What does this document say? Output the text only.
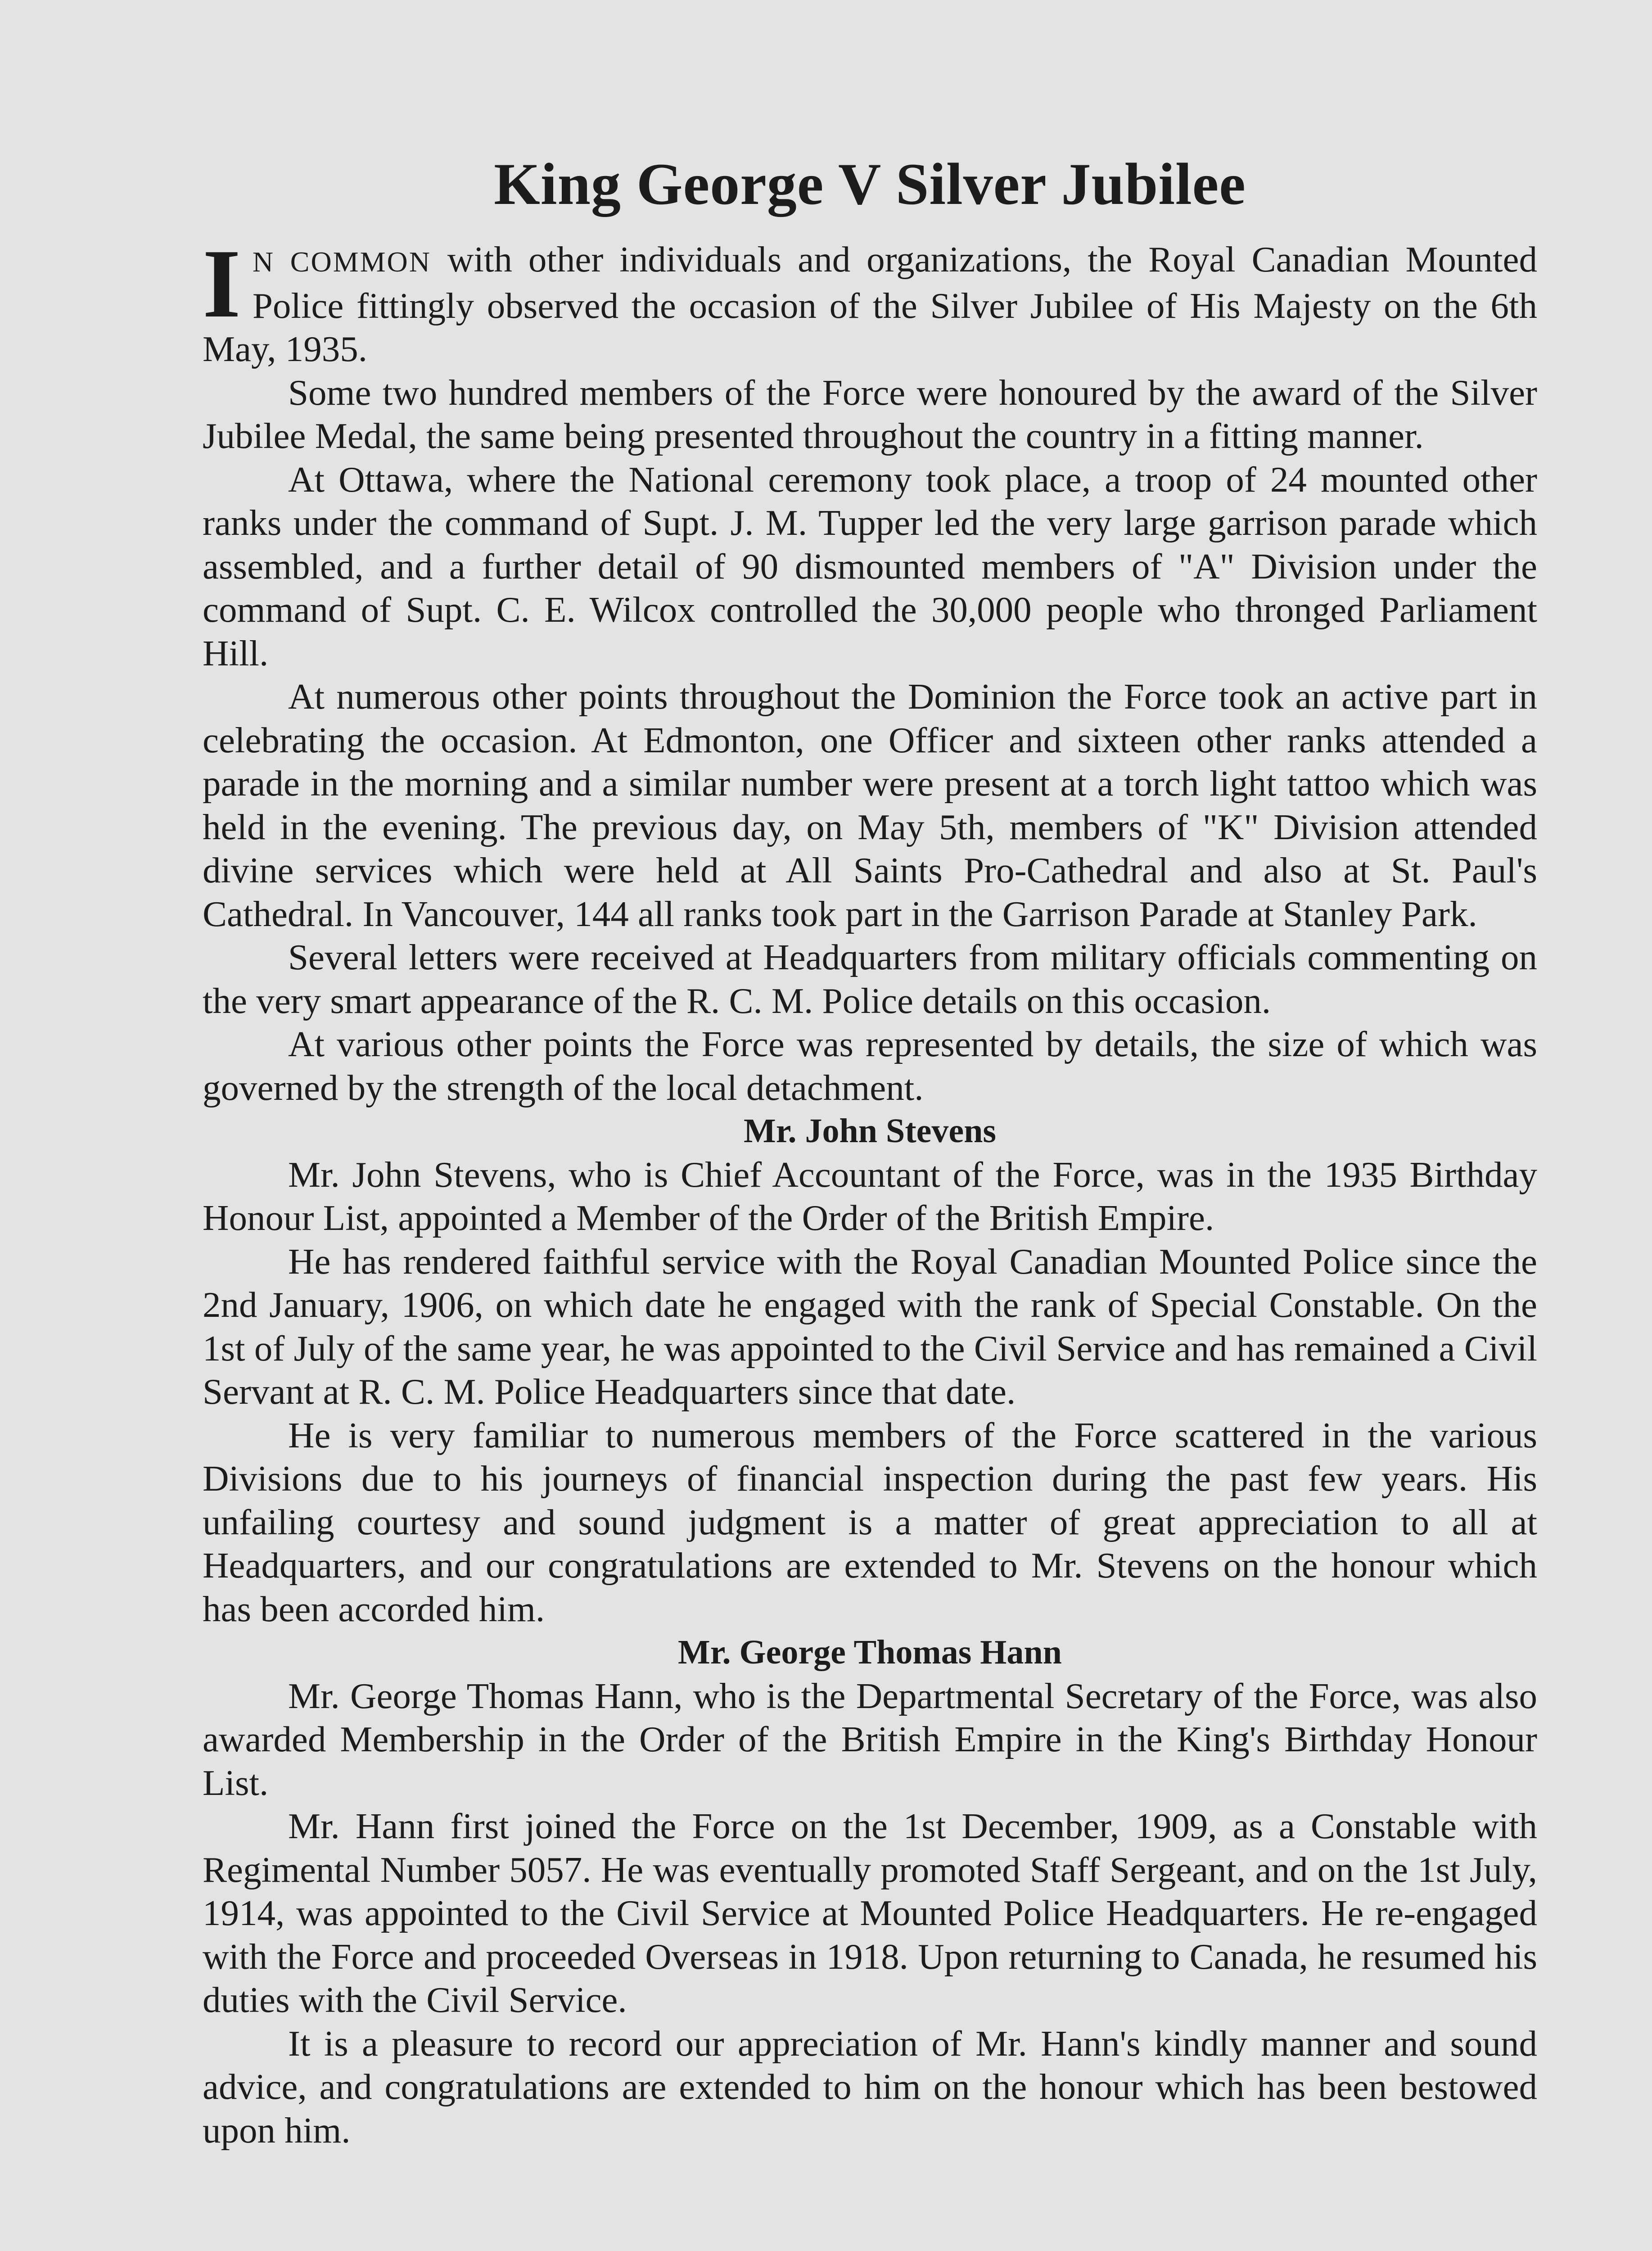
King George V Silver Jubilee

I N COMMON with other individuals and organizations, the Royal Canadian Mounted Police fittingly observed the occasion of the Silver Jubilee of His Majesty on the 6th May, 1935.

Some two hundred members of the Force were honoured by the award of the Silver Jubilee Medal, the same being presented throughout the country in a fitting manner.

At Ottawa, where the National ceremony took place, a troop of 24 mounted other ranks under the command of Supt. J. M. Tupper led the very large garrison parade which assembled, and a further detail of 90 dismounted members of "A" Division under the command of Supt. C. E. Wilcox controlled the 30,000 people who thronged Parliament Hill.

At numerous other points throughout the Dominion the Force took an active part in celebrating the occasion. At Edmonton, one Officer and sixteen other ranks attended a parade in the morning and a similar number were present at a torch light tattoo which was held in the evening. The previous day, on May 5th, members of "K" Division attended divine services which were held at All Saints Pro-Cathedral and also at St. Paul's Cathedral. In Vancouver, 144 all ranks took part in the Garrison Parade at Stanley Park.

Several letters were received at Headquarters from military officials commenting on the very smart appearance of the R. C. M. Police details on this occasion.

At various other points the Force was represented by details, the size of which was governed by the strength of the local detachment.

Mr. John Stevens

Mr. John Stevens, who is Chief Accountant of the Force, was in the 1935 Birthday Honour List, appointed a Member of the Order of the British Empire.

He has rendered faithful service with the Royal Canadian Mounted Police since the 2nd January, 1906, on which date he engaged with the rank of Special Constable. On the 1st of July of the same year, he was appointed to the Civil Service and has remained a Civil Servant at R. C. M. Police Headquarters since that date.

He is very familiar to numerous members of the Force scattered in the various Divisions due to his journeys of financial inspection during the past few years. His unfailing courtesy and sound judgment is a matter of great appreciation to all at Headquarters, and our congratulations are extended to Mr. Stevens on the honour which has been accorded him.

Mr. George Thomas Hann

Mr. George Thomas Hann, who is the Departmental Secretary of the Force, was also awarded Membership in the Order of the British Empire in the King's Birthday Honour List.

Mr. Hann first joined the Force on the 1st December, 1909, as a Constable with Regimental Number 5057. He was eventually promoted Staff Sergeant, and on the 1st July, 1914, was appointed to the Civil Service at Mounted Police Headquarters. He re-engaged with the Force and proceeded Overseas in 1918. Upon returning to Canada, he resumed his duties with the Civil Service.

It is a pleasure to record our appreciation of Mr. Hann's kindly manner and sound advice, and congratulations are extended to him on the honour which has been bestowed upon him.
